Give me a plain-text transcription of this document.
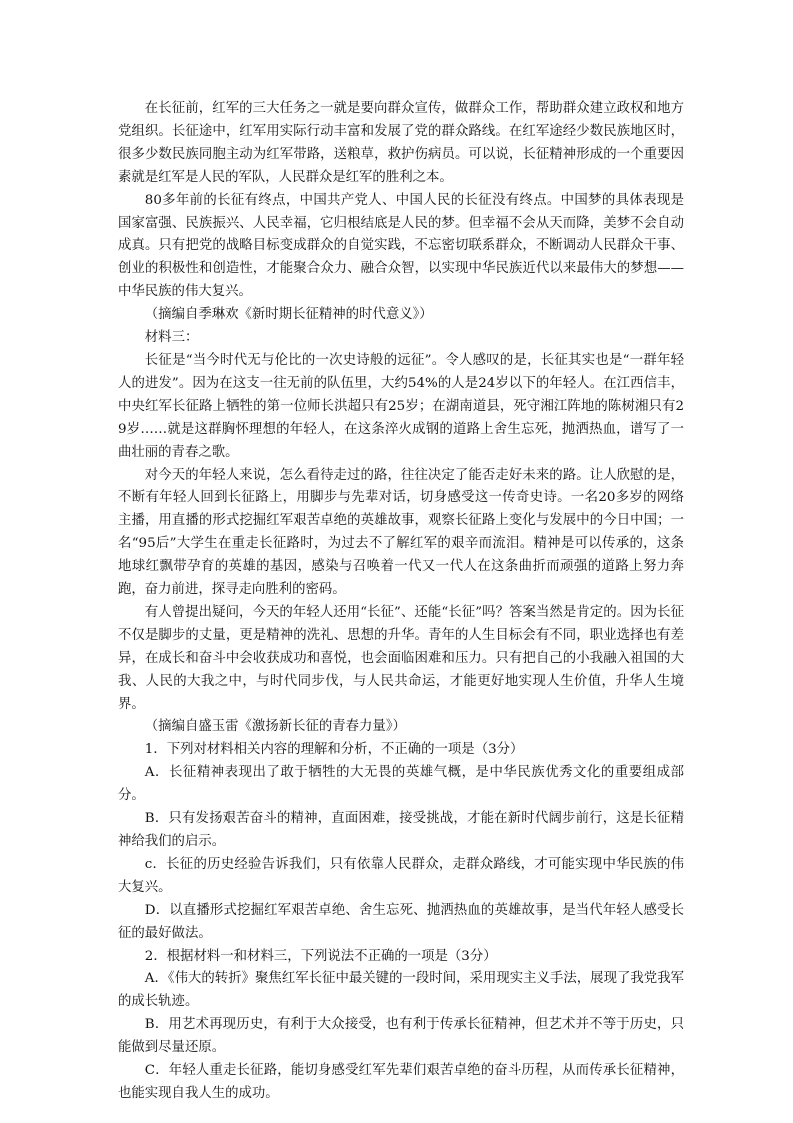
在长征前，红军的三大任务之一就是要向群众宣传，做群众工作，帮助群众建立政权和地方党组织。长征途中，红军用实际行动丰富和发展了党的群众路线。在红军途经少数民族地区时，很多少数民族同胞主动为红军带路，送粮草，救护伤病员。可以说，长征精神形成的一个重要因素就是红军是人民的军队，人民群众是红军的胜利之本。

80多年前的长征有终点，中国共产党人、中国人民的长征没有终点。中国梦的具体表现是国家富强、民族振兴、人民幸福，它归根结底是人民的梦。但幸福不会从天而降，美梦不会自动成真。只有把党的战略目标变成群众的自觉实践，不忘密切联系群众，不断调动人民群众干事、创业的积极性和创造性，才能聚合众力、融合众智，以实现中华民族近代以来最伟大的梦想——中华民族的伟大复兴。

（摘编自季琳欢《新时期长征精神的时代意义》）

材料三：

长征是“当今时代无与伦比的一次史诗般的远征”。令人感叹的是，长征其实也是“一群年轻人的进发”。因为在这支一往无前的队伍里，大约54%的人是24岁以下的年轻人。在江西信丰，中央红军长征路上牺牲的第一位师长洪超只有25岁；在湖南道县，死守湘江阵地的陈树湘只有29岁……就是这群胸怀理想的年轻人，在这条淬火成钢的道路上舍生忘死，抛洒热血，谱写了一曲壮丽的青春之歌。

对今天的年轻人来说，怎么看待走过的路，往往决定了能否走好未来的路。让人欣慰的是，不断有年轻人回到长征路上，用脚步与先辈对话，切身感受这一传奇史诗。一名20多岁的网络主播，用直播的形式挖掘红军艰苦卓绝的英雄故事，观察长征路上变化与发展中的今日中国；一名“95后”大学生在重走长征路时，为过去不了解红军的艰辛而流泪。精神是可以传承的，这条地球红飘带孕育的英雄的基因，感染与召唤着一代又一代人在这条曲折而顽强的道路上努力奔跑，奋力前进，探寻走向胜利的密码。

有人曾提出疑问，今天的年轻人还用“长征”、还能“长征”吗？答案当然是肯定的。因为长征不仅是脚步的丈量，更是精神的洗礼、思想的升华。青年的人生目标会有不同，职业选择也有差异，在成长和奋斗中会收获成功和喜悦，也会面临困难和压力。只有把自己的小我融入祖国的大我、人民的大我之中，与时代同步伐，与人民共命运，才能更好地实现人生价值，升华人生境界。

（摘编自盛玉雷《激扬新长征的青春力量》）

1．下列对材料相关内容的理解和分析，不正确的一项是（3分）

A．长征精神表现出了敢于牺牲的大无畏的英雄气概，是中华民族优秀文化的重要组成部分。

B．只有发扬艰苦奋斗的精神，直面困难，接受挑战，才能在新时代阔步前行，这是长征精神给我们的启示。

c．长征的历史经验告诉我们，只有依靠人民群众，走群众路线，才可能实现中华民族的伟大复兴。

D．以直播形式挖掘红军艰苦卓绝、舍生忘死、抛洒热血的英雄故事，是当代年轻人感受长征的最好做法。

2．根据材料一和材料三，下列说法不正确的一项是（3分）

A．《伟大的转折》聚焦红军长征中最关键的一段时间，采用现实主义手法，展现了我党我军的成长轨迹。

B．用艺术再现历史，有利于大众接受，也有利于传承长征精神，但艺术并不等于历史，只能做到尽量还原。

C．年轻人重走长征路，能切身感受红军先辈们艰苦卓绝的奋斗历程，从而传承长征精神，也能实现自我人生的成功。
